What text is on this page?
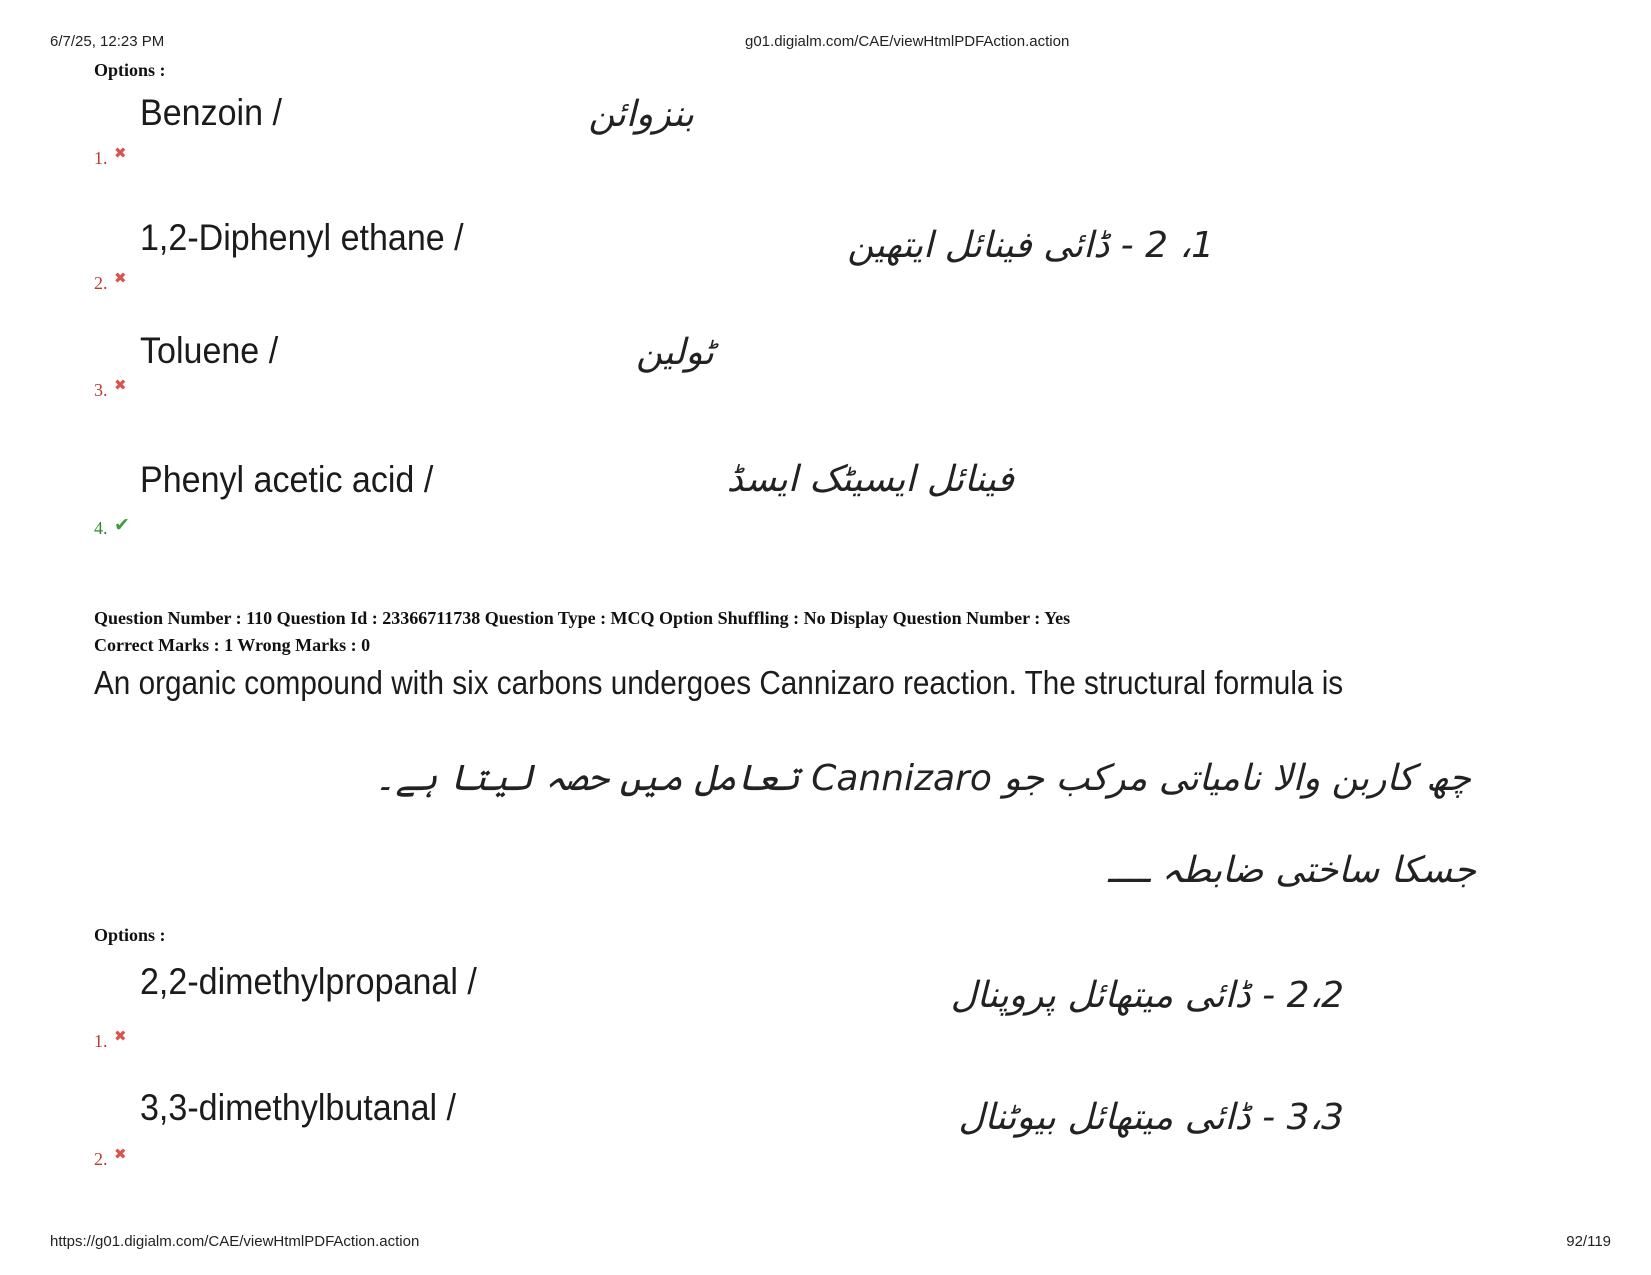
6/7/25, 12:23 PM	g01.digialm.com/CAE/viewHtmlPDFAction.action
Options :
1. ✖
Benzoin /	بنزوائن
2. ✖
1,2-Diphenyl ethane /	1، 2 - ڈائی فینائل ایتھین
3. ✖
Toluene /	ٹولین
4. ✔
Phenyl acetic acid /	فینائل ایسیٹک ایسڈ
Question Number : 110 Question Id : 23366711738 Question Type : MCQ Option Shuffling : No Display Question Number : Yes
Correct Marks : 1 Wrong Marks : 0
An organic compound with six carbons undergoes Cannizaro reaction. The structural formula is
چھ کاربن والا نامیاتی مرکب جو Cannizaro تعامل میں حصہ لیتا ہے۔
جسکا ساختی ضابطہ ــــ
Options :
1. ✖
2,2-dimethylpropanal /	2،2 - ڈائی میتھائل پروپنال
2. ✖
3,3-dimethylbutanal /	3،3 - ڈائی میتھائل بیوٹنال
https://g01.digialm.com/CAE/viewHtmlPDFAction.action	92/119
